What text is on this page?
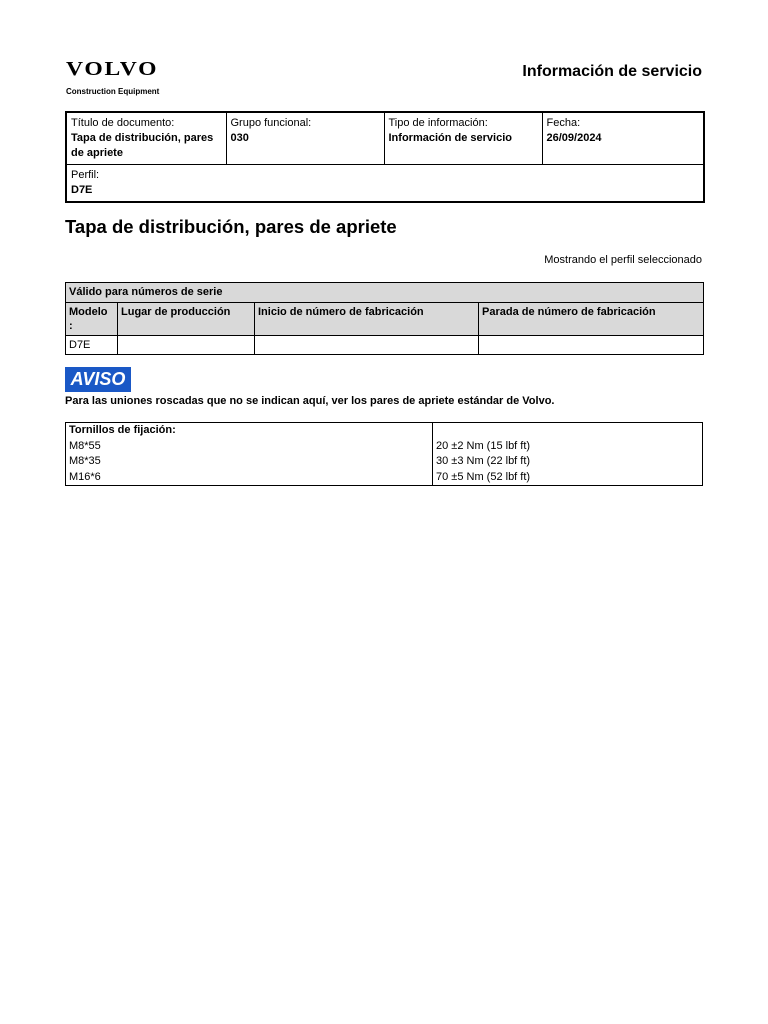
VOLVO
Construction Equipment
Información de servicio
Título de documento:
Tapa de distribución, pares de apriete

Grupo funcional:
030

Tipo de información:
Información de servicio

Fecha:
26/09/2024

Perfil:
D7E
Tapa de distribución, pares de apriete
Mostrando el perfil seleccionado
Válido para números de serie			
Modelo :	Lugar de producción	Inicio de número de fabricación	Parada de número de fabricación
D7E			
AVISO
Para las uniones roscadas que no se indican aquí, ver los pares de apriete estándar de Volvo.
Tornillos de fijación:	
M8*55	20 ±2 Nm (15 lbf ft)
M8*35	30 ±3 Nm (22 lbf ft)
M16*6	70 ±5 Nm (52 lbf ft)
